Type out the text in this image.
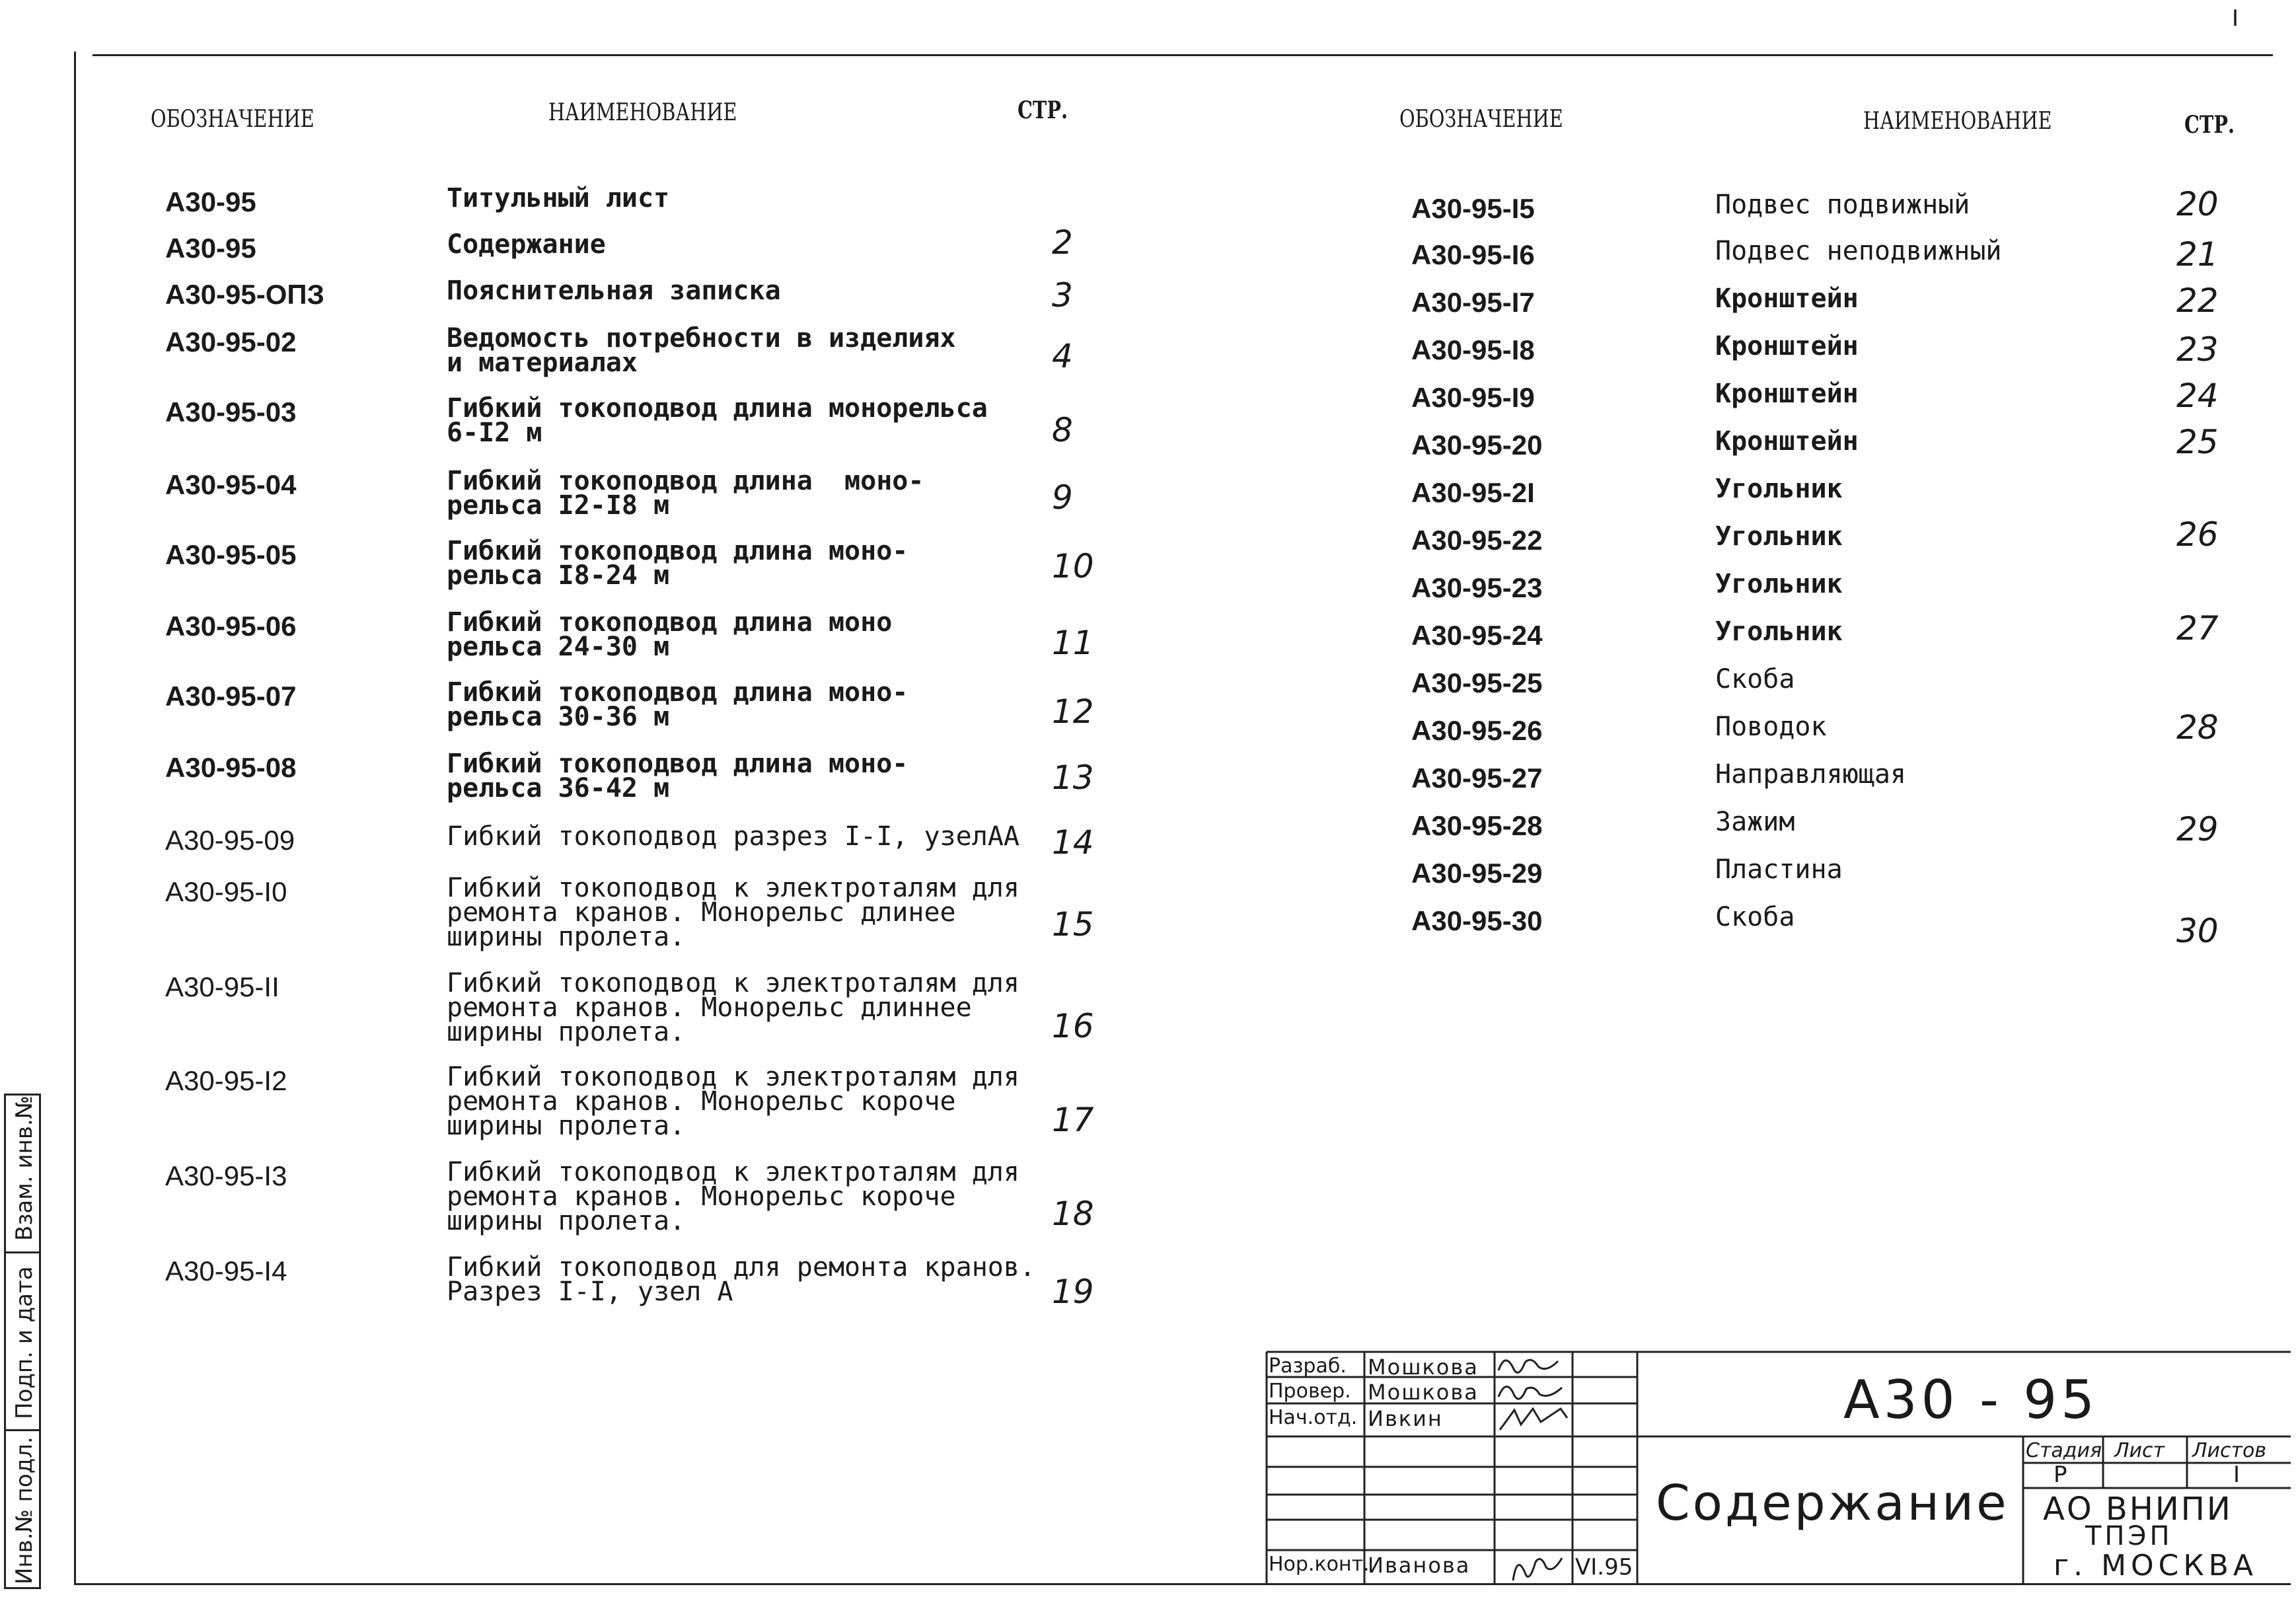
I
Инв.№ подл.
Подп. и дата
Взам. инв.№
ОБОЗНАЧЕНИЕ	НАИМЕНОВАНИЕ	СТР.
А30-95	Титульный лист
А30-95	Содержание	2
А30-95-ОПЗ	Пояснительная записка	3
А30-95-02	Ведомость потребности в изделиях
и материалах	4
А30-95-03	Гибкий токоподвод длина монорельса
6-I2 м	8
А30-95-04	Гибкий токоподвод длина  моно-
рельса I2-I8 м	9
А30-95-05	Гибкий токоподвод длина моно-
рельса I8-24 м	10
А30-95-06	Гибкий токоподвод длина моно
рельса 24-30 м	11
А30-95-07	Гибкий токоподвод длина моно-
рельса 30-36 м	12
А30-95-08	Гибкий токоподвод длина моно-
рельса 36-42 м	13
А30-95-09	Гибкий токоподвод разрез I-I, узелАА 14
А30-95-I0	Гибкий токоподвод к электроталям для
ремонта кранов. Монорельс длинее
ширины пролета.	15
А30-95-II	Гибкий токоподвод к электроталям для
ремонта кранов. Монорельс длиннее
ширины пролета.	16
А30-95-I2	Гибкий токоподвод к электроталям для
ремонта кранов. Монорельс короче
ширины пролета.	17
А30-95-I3	Гибкий токоподвод к электроталям для
ремонта кранов. Монорельс короче
ширины пролета.	18
А30-95-I4	Гибкий токоподвод для ремонта кранов.
Разрез I-I, узел А	19
ОБОЗНАЧЕНИЕ	НАИМЕНОВАНИЕ	СТР.
А30-95-I5	Подвес подвижный	20
А30-95-I6	Подвес неподвижный	21
А30-95-I7	Кронштейн	22
А30-95-I8	Кронштейн	23
А30-95-I9	Кронштейн	24
А30-95-20	Кронштейн	25
А30-95-2I	Угольник
А30-95-22	Угольник	26
А30-95-23	Угольник
А30-95-24	Угольник	27
А30-95-25	Скоба
А30-95-26	Поводок	28
А30-95-27	Направляющая
А30-95-28	Зажим	29
А30-95-29	Пластина
А30-95-30	Скоба	30
Разраб. Мошкова
Провер. Мошкова
Нач.отд. Ивкин
Нор.конт.
Иванова	VI.95
А30 - 95
Содержание
Стадия Лист Листов
Р	I
АО ВНИПИ
ТПЭП
г. МОСКВА
